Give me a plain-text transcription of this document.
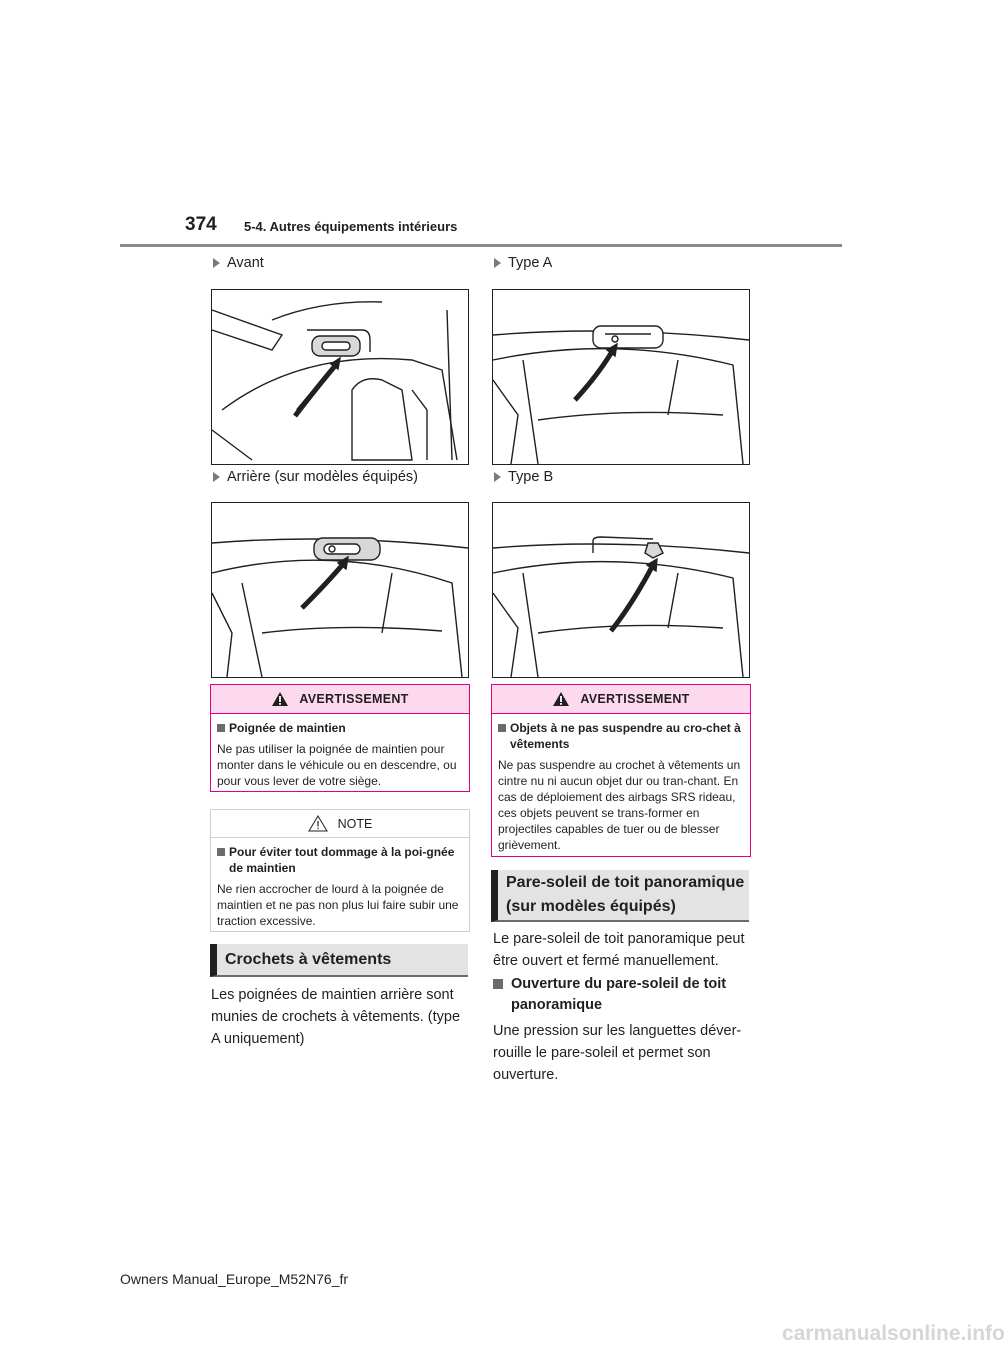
374 5-4. Autres équipements intérieurs
Avant
Arrière (sur modèles équipés)
Type A
Type B
AVERTISSEMENT
Poignée de maintien
Ne pas utiliser la poignée de maintien pour monter dans le véhicule ou en descendre, ou pour vous lever de votre siège.
NOTE
Pour éviter tout dommage à la poi-gnée de maintien
Ne rien accrocher de lourd à la poignée de maintien et ne pas non plus lui faire subir une traction excessive.
Crochets à vêtements
Les poignées de maintien arrière sont munies de crochets à vêtements. (type A uniquement)
AVERTISSEMENT
Objets à ne pas suspendre au cro-chet à vêtements
Ne pas suspendre au crochet à vêtements un cintre nu ni aucun objet dur ou tran-chant. En cas de déploiement des airbags SRS rideau, ces objets peuvent se trans-former en projectiles capables de tuer ou de blesser grièvement.
Pare-soleil de toit panoramique (sur modèles équipés)
Le pare-soleil de toit panoramique peut être ouvert et fermé manuellement.
Ouverture du pare-soleil de toit panoramique
Une pression sur les languettes déver-rouille le pare-soleil et permet son ouverture.
Owners Manual_Europe_M52N76_fr
carmanualsonline.info
